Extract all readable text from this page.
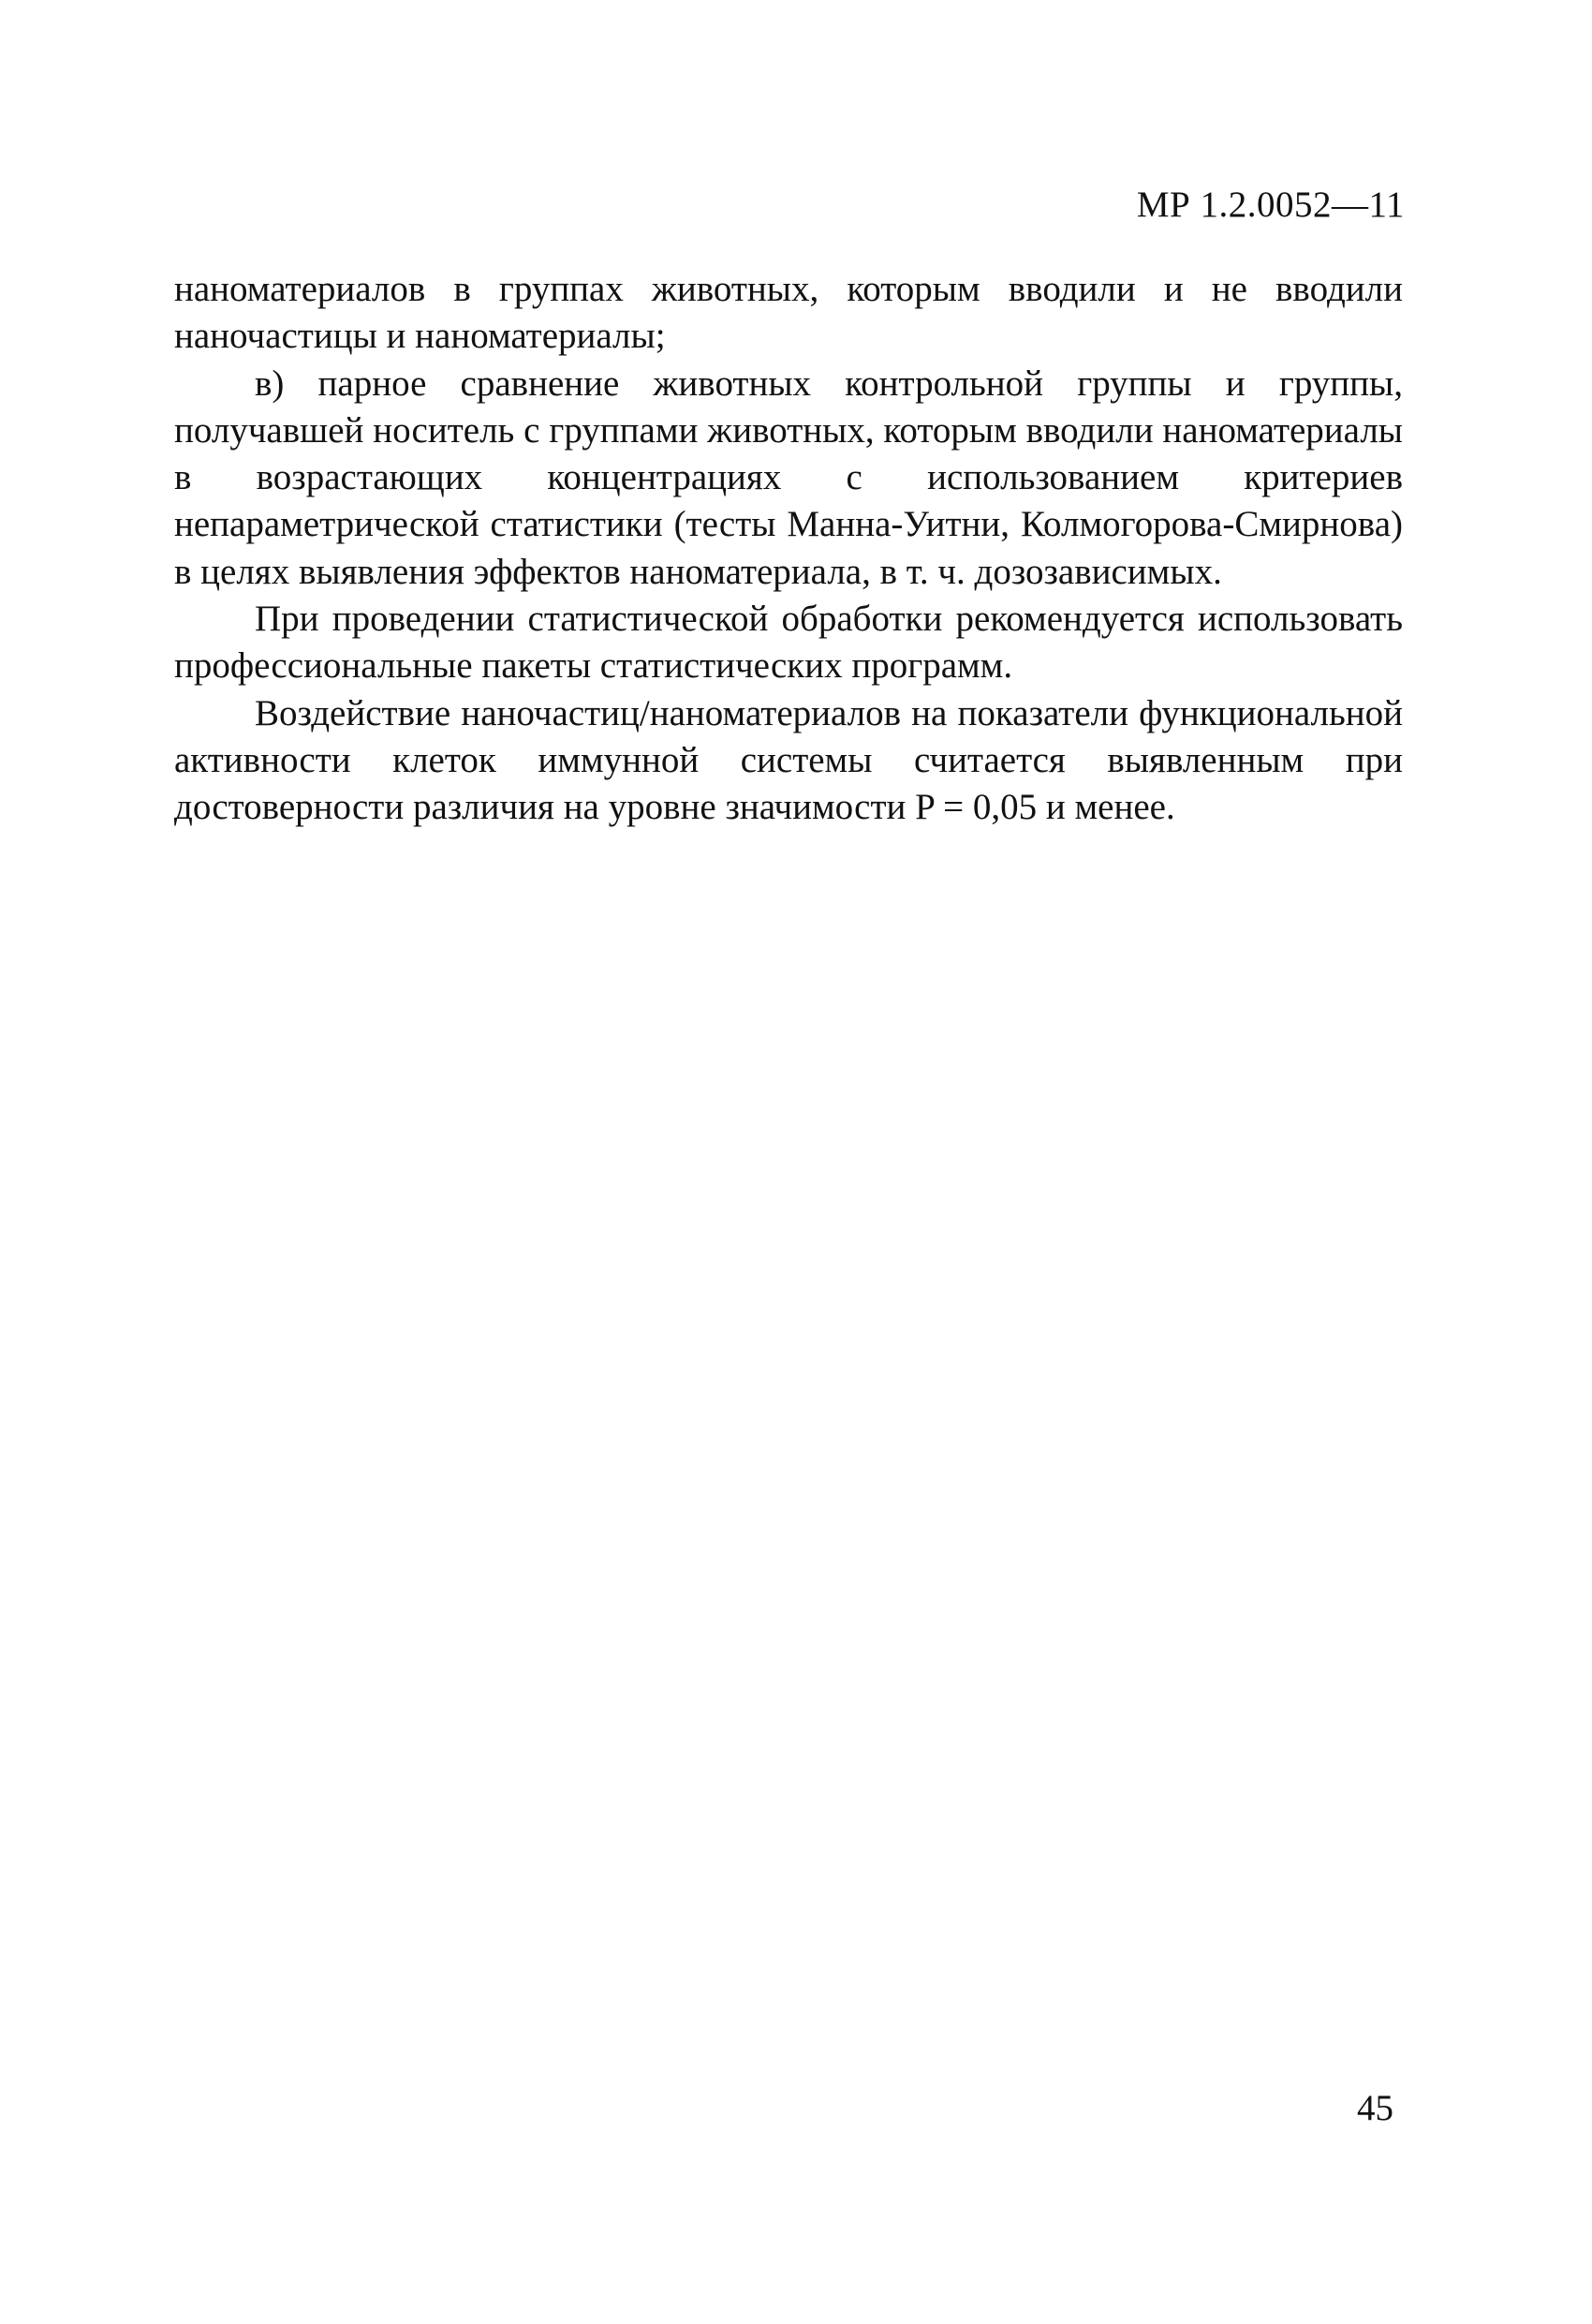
МР 1.2.0052—11

наноматериалов в группах животных, которым вводили и не вводили наночастицы и наноматериалы;

в) парное сравнение животных контрольной группы и группы, получавшей носитель с группами животных, которым вводили наноматериалы в возрастающих концентрациях с использованием критериев непараметрической статистики (тесты Манна-Уитни, Колмогорова-Смирнова) в целях выявления эффектов наноматериала, в т. ч. дозозависимых.

При проведении статистической обработки рекомендуется использовать профессиональные пакеты статистических программ.

Воздействие наночастиц/наноматериалов на показатели функциональной активности клеток иммунной системы считается выявленным при достоверности различия на уровне значимости P = 0,05 и менее.

45
